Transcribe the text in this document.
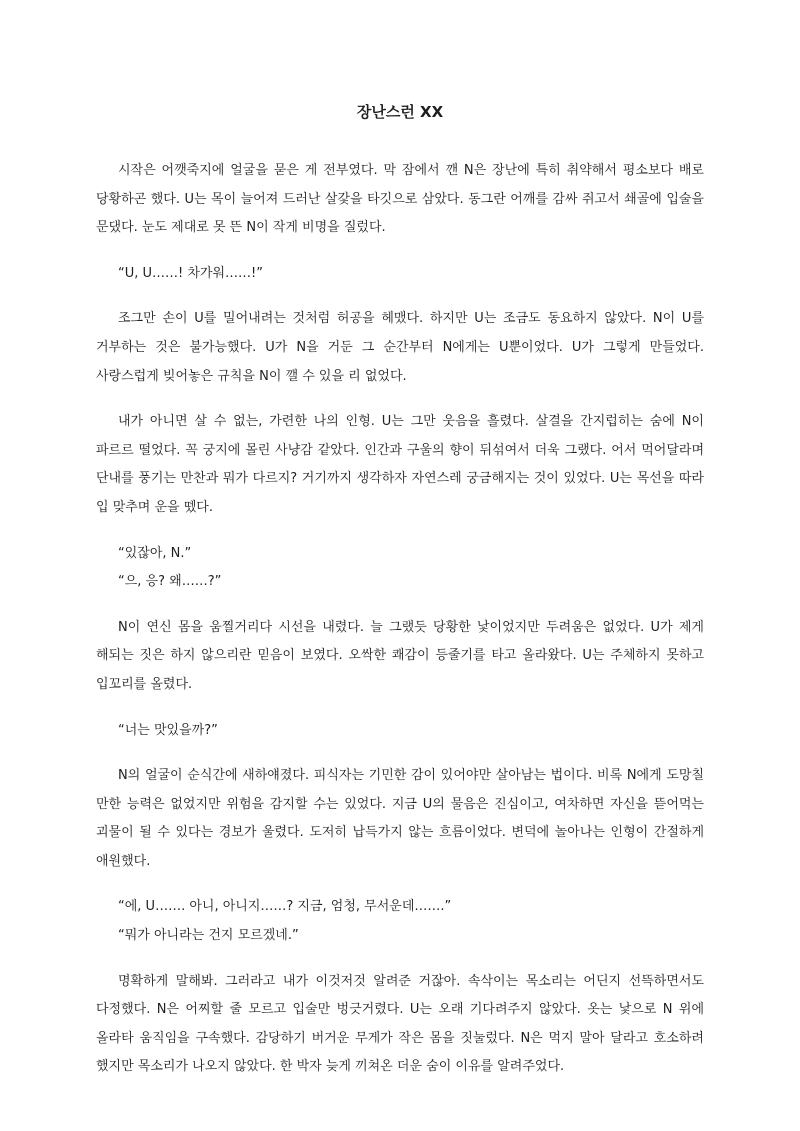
장난스런 XX

시작은 어깻죽지에 얼굴을 묻은 게 전부였다. 막 잠에서 깬 N은 장난에 특히 취약해서 평소보다 배로 당황하곤 했다. U는 목이 늘어져 드러난 살갗을 타깃으로 삼았다. 동그란 어깨를 감싸 쥐고서 쇄골에 입술을 문댔다. 눈도 제대로 못 뜬 N이 작게 비명을 질렀다.

“U, U……! 차가워……!”

조그만 손이 U를 밀어내려는 것처럼 허공을 헤맸다. 하지만 U는 조금도 동요하지 않았다. N이 U를 거부하는 것은 불가능했다. U가 N을 거둔 그 순간부터 N에게는 U뿐이었다. U가 그렇게 만들었다. 사랑스럽게 빚어놓은 규칙을 N이 깰 수 있을 리 없었다.

내가 아니면 살 수 없는, 가련한 나의 인형. U는 그만 웃음을 흘렸다. 살결을 간지럽히는 숨에 N이 파르르 떨었다. 꼭 궁지에 몰린 사냥감 같았다. 인간과 구울의 향이 뒤섞여서 더욱 그랬다. 어서 먹어달라며 단내를 풍기는 만찬과 뭐가 다르지? 거기까지 생각하자 자연스레 궁금해지는 것이 있었다. U는 목선을 따라 입 맞추며 운을 뗐다.

“있잖아, N.”

“으, 응? 왜……?”

N이 연신 몸을 움찔거리다 시선을 내렸다. 늘 그랬듯 당황한 낯이었지만 두려움은 없었다. U가 제게 해되는 짓은 하지 않으리란 믿음이 보였다. 오싹한 쾌감이 등줄기를 타고 올라왔다. U는 주체하지 못하고 입꼬리를 올렸다.

“너는 맛있을까?”

N의 얼굴이 순식간에 새하얘졌다. 피식자는 기민한 감이 있어야만 살아남는 법이다. 비록 N에게 도망칠 만한 능력은 없었지만 위험을 감지할 수는 있었다. 지금 U의 물음은 진심이고, 여차하면 자신을 뜯어먹는 괴물이 될 수 있다는 경보가 울렸다. 도저히 납득가지 않는 흐름이었다. 변덕에 놀아나는 인형이 간절하게 애원했다.

“에, U……. 아니, 아니지……? 지금, 엄청, 무서운데…….”

“뭐가 아니라는 건지 모르겠네.”

명확하게 말해봐. 그러라고 내가 이것저것 알려준 거잖아. 속삭이는 목소리는 어딘지 선뜩하면서도 다정했다. N은 어찌할 줄 모르고 입술만 벙긋거렸다. U는 오래 기다려주지 않았다. 옷는 낯으로 N 위에 올라타 움직임을 구속했다. 감당하기 버거운 무게가 작은 몸을 짓눌렀다. N은 먹지 말아 달라고 호소하려 했지만 목소리가 나오지 않았다. 한 박자 늦게 끼쳐온 더운 숨이 이유를 알려주었다.
